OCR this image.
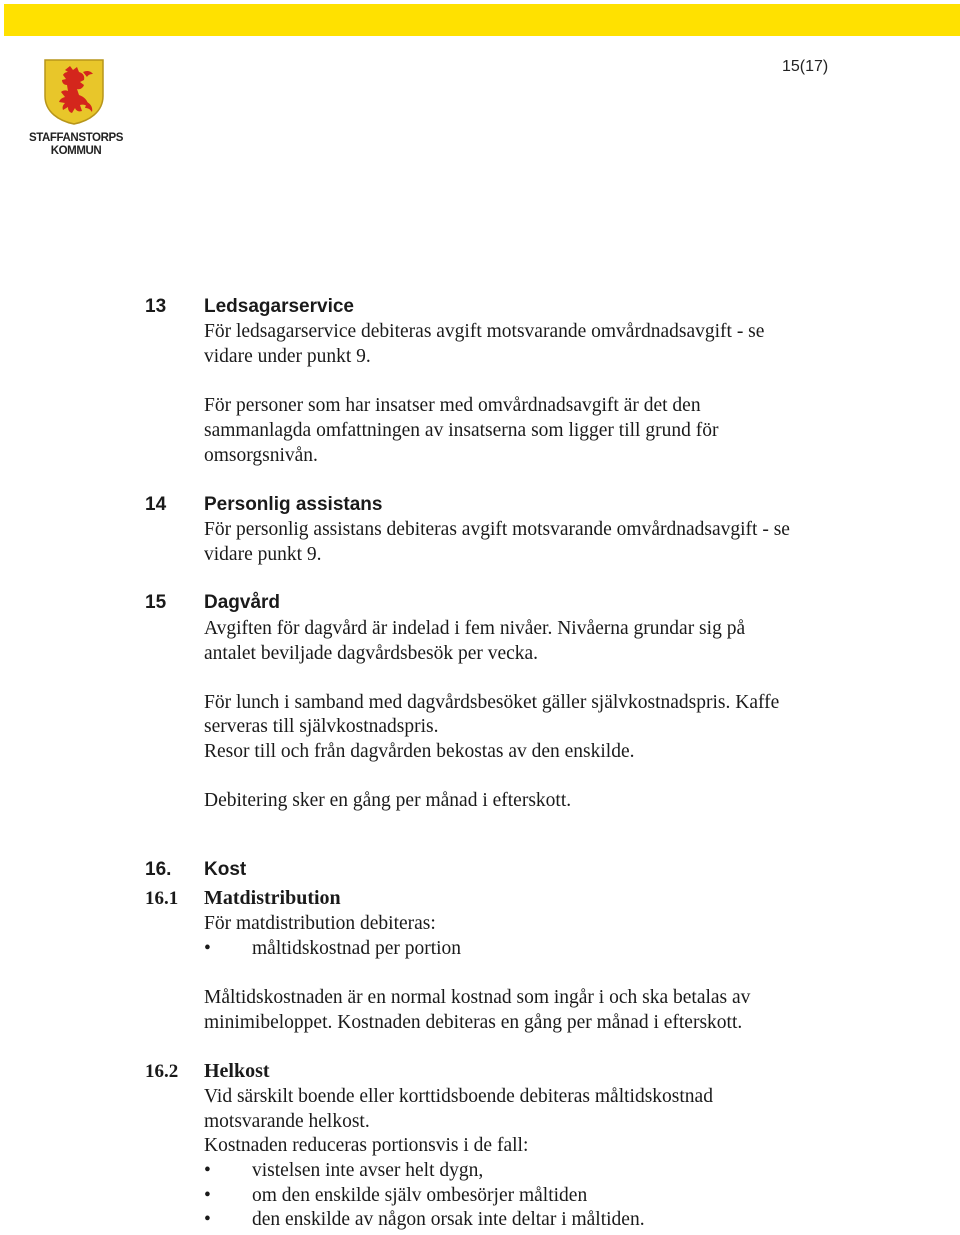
15(17)
STAFFANSTORPS
KOMMUN
13 Ledsagarservice
För ledsagarservice debiteras avgift motsvarande omvårdnadsavgift - se
vidare under punkt 9.
För personer som har insatser med omvårdnadsavgift är det den
sammanlagda omfattningen av insatserna som ligger till grund för
omsorgsnivån.
14 Personlig assistans
För personlig assistans debiteras avgift motsvarande omvårdnadsavgift - se
vidare punkt 9.
15 Dagvård
Avgiften för dagvård är indelad i fem nivåer. Nivåerna grundar sig på
antalet beviljade dagvårdsbesök per vecka.
För lunch i samband med dagvårdsbesöket gäller självkostnadspris. Kaffe
serveras till självkostnadspris.
Resor till och från dagvården bekostas av den enskilde.
Debitering sker en gång per månad i efterskott.
16. Kost
16.1 Matdistribution
För matdistribution debiteras:
• måltidskostnad per portion
Måltidskostnaden är en normal kostnad som ingår i och ska betalas av
minimibeloppet. Kostnaden debiteras en gång per månad i efterskott.
16.2 Helkost
Vid särskilt boende eller korttidsboende debiteras måltidskostnad
motsvarande helkost.
Kostnaden reduceras portionsvis i de fall:
• vistelsen inte avser helt dygn,
• om den enskilde själv ombesörjer måltiden
• den enskilde av någon orsak inte deltar i måltiden.
